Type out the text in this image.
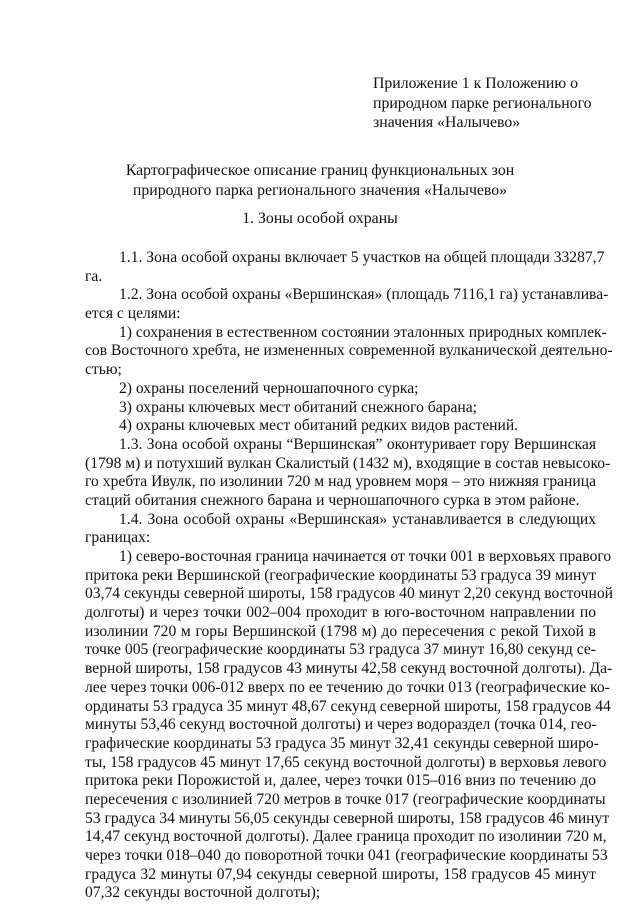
Приложение 1 к Положению о
природном парке регионального
значения «Налычево»
Картографическое описание границ функциональных зон
природного парка регионального значения «Налычево»
1. Зоны особой охраны
1.1. Зона особой охраны включает 5 участков на общей площади 33287,7
га.
1.2. Зона особой охраны «Вершинская» (площадь 7116,1 га) устанавлива-
ется с целями:
1) сохранения в естественном состоянии эталонных природных комплек-
сов Восточного хребта, не измененных современной вулканической деятельно-
стью;
2) охраны поселений черношапочного сурка;
3) охраны ключевых мест обитаний снежного барана;
4) охраны ключевых мест обитаний редких видов растений.
1.3. Зона особой охраны “Вершинская” оконтуривает гору Вершинская
(1798 м) и потухший вулкан Скалистый (1432 м), входящие в состав невысоко-
го хребта Ивулк, по изолинии 720 м над уровнем моря – это нижняя граница
стаций обитания снежного барана и черношапочного сурка в этом районе.
1.4. Зона особой охраны «Вершинская» устанавливается в следующих
границах:
1) северо-восточная граница начинается от точки 001 в верховьях правого
притока реки Вершинской (географические координаты 53 градуса 39 минут
03,74 секунды северной широты, 158 градусов 40 минут 2,20 секунд восточной
долготы) и через точки 002–004 проходит в юго-восточном направлении по
изолинии 720 м горы Вершинской (1798 м) до пересечения с рекой Тихой в
точке 005 (географические координаты 53 градуса 37 минут 16,80 секунд се-
верной широты, 158 градусов 43 минуты 42,58 секунд восточной долготы). Да-
лее через точки 006-012 вверх по ее течению до точки 013 (географические ко-
ординаты 53 градуса 35 минут 48,67 секунд северной широты, 158 градусов 44
минуты 53,46 секунд восточной долготы) и через водораздел (точка 014, гео-
графические координаты 53 градуса 35 минут 32,41 секунды северной широ-
ты, 158 градусов 45 минут 17,65 секунд восточной долготы) в верховья левого
притока реки Порожистой и, далее, через точки 015–016 вниз по течению до
пересечения с изолинией 720 метров в точке 017 (географические координаты
53 градуса 34 минуты 56,05 секунды северной широты, 158 градусов 46 минут
14,47 секунд восточной долготы). Далее граница проходит по изолинии 720 м,
через точки 018–040 до поворотной точки 041 (географические координаты 53
градуса 32 минуты 07,94 секунды северной широты, 158 градусов 45 минут
07,32 секунды восточной долготы);
